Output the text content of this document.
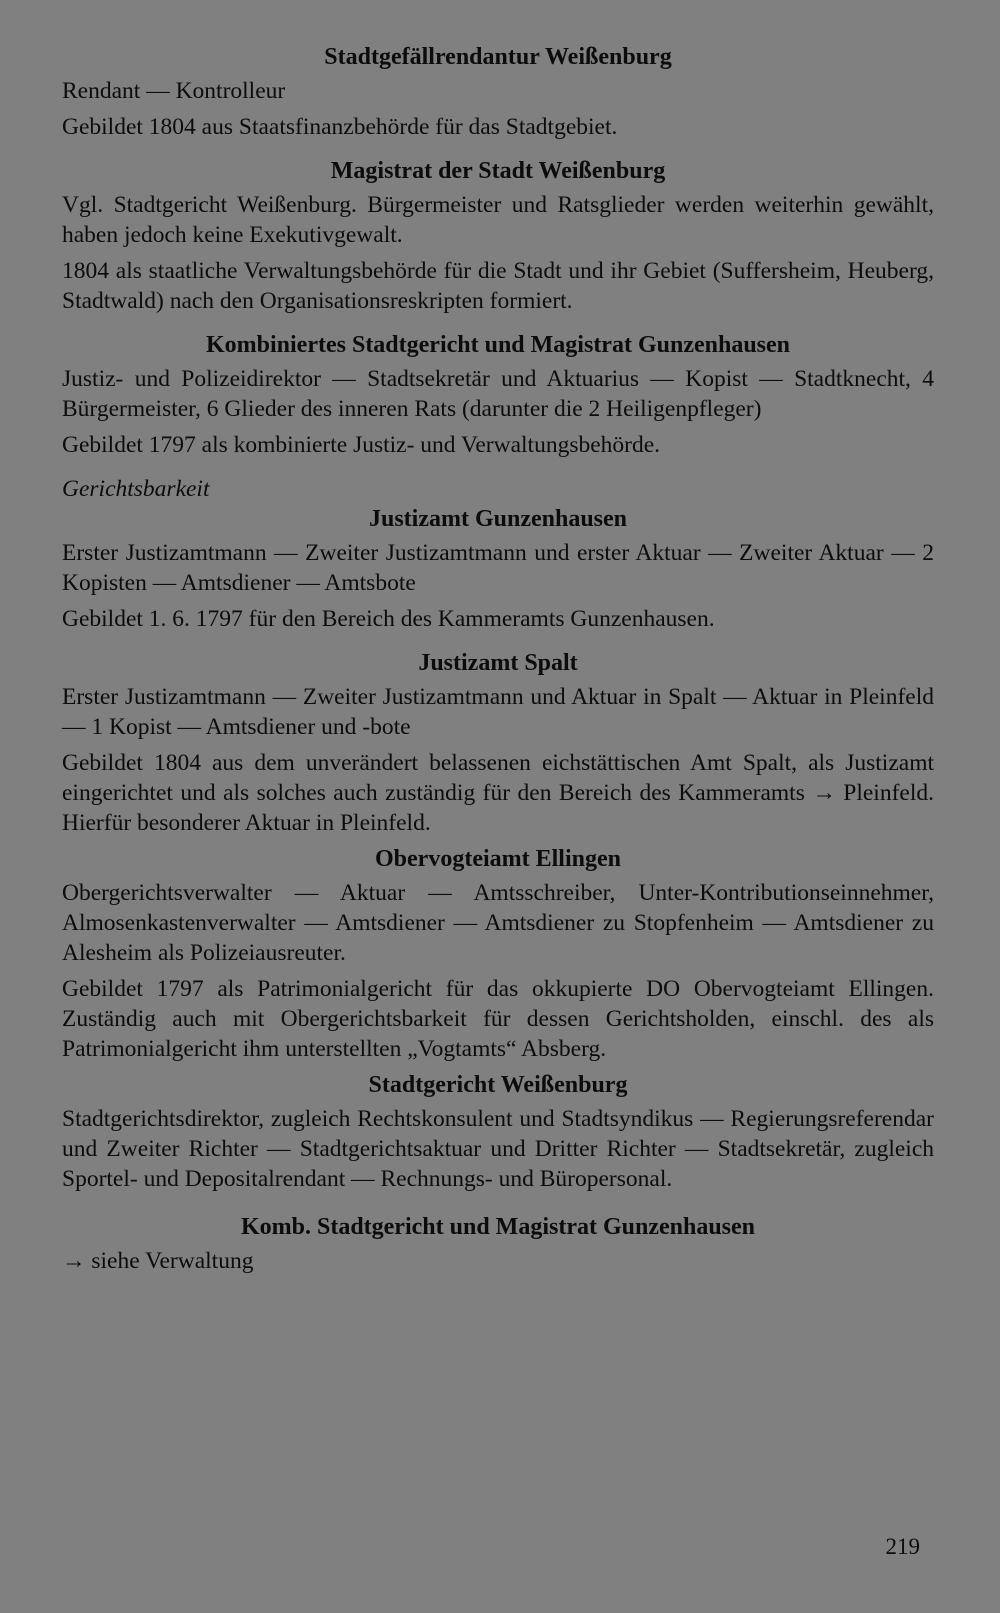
Stadtgefällrendantur Weißenburg
Rendant — Kontrolleur
Gebildet 1804 aus Staatsfinanzbehörde für das Stadtgebiet.
Magistrat der Stadt Weißenburg
Vgl. Stadtgericht Weißenburg. Bürgermeister und Ratsglieder werden weiterhin gewählt, haben jedoch keine Exekutivgewalt.
1804 als staatliche Verwaltungsbehörde für die Stadt und ihr Gebiet (Suffersheim, Heuberg, Stadtwald) nach den Organisationsreskripten formiert.
Kombiniertes Stadtgericht und Magistrat Gunzenhausen
Justiz- und Polizeidirektor — Stadtsekretär und Aktuarius — Kopist — Stadtknecht, 4 Bürgermeister, 6 Glieder des inneren Rats (darunter die 2 Heiligenpfleger)
Gebildet 1797 als kombinierte Justiz- und Verwaltungsbehörde.
Gerichtsbarkeit
Justizamt Gunzenhausen
Erster Justizamtmann — Zweiter Justizamtmann und erster Aktuar — Zweiter Aktuar — 2 Kopisten — Amtsdiener — Amtsbote
Gebildet 1. 6. 1797 für den Bereich des Kammeramts Gunzenhausen.
Justizamt Spalt
Erster Justizamtmann — Zweiter Justizamtmann und Aktuar in Spalt — Aktuar in Pleinfeld — 1 Kopist — Amtsdiener und -bote
Gebildet 1804 aus dem unverändert belassenen eichstättischen Amt Spalt, als Justizamt eingerichtet und als solches auch zuständig für den Bereich des Kammeramts → Pleinfeld. Hierfür besonderer Aktuar in Pleinfeld.
Obervogteiamt Ellingen
Obergerichtsverwalter — Aktuar — Amtsschreiber, Unter-Kontributionseinnehmer, Almosenkastenverwalter — Amtsdiener — Amtsdiener zu Stopfenheim — Amtsdiener zu Alesheim als Polizeiausreuter.
Gebildet 1797 als Patrimonialgericht für das okkupierte DO Obervogteiamt Ellingen. Zuständig auch mit Obergerichtsbarkeit für dessen Gerichtsholden, einschl. des als Patrimonialgericht ihm unterstellten „Vogtamts“ Absberg.
Stadtgericht Weißenburg
Stadtgerichtsdirektor, zugleich Rechtskonsulent und Stadtsyndikus — Regierungsreferendar und Zweiter Richter — Stadtgerichtsaktuar und Dritter Richter — Stadtsekretär, zugleich Sportel- und Depositalrendant — Rechnungs- und Büropersonal.
Komb. Stadtgericht und Magistrat Gunzenhausen
→ siehe Verwaltung
219
